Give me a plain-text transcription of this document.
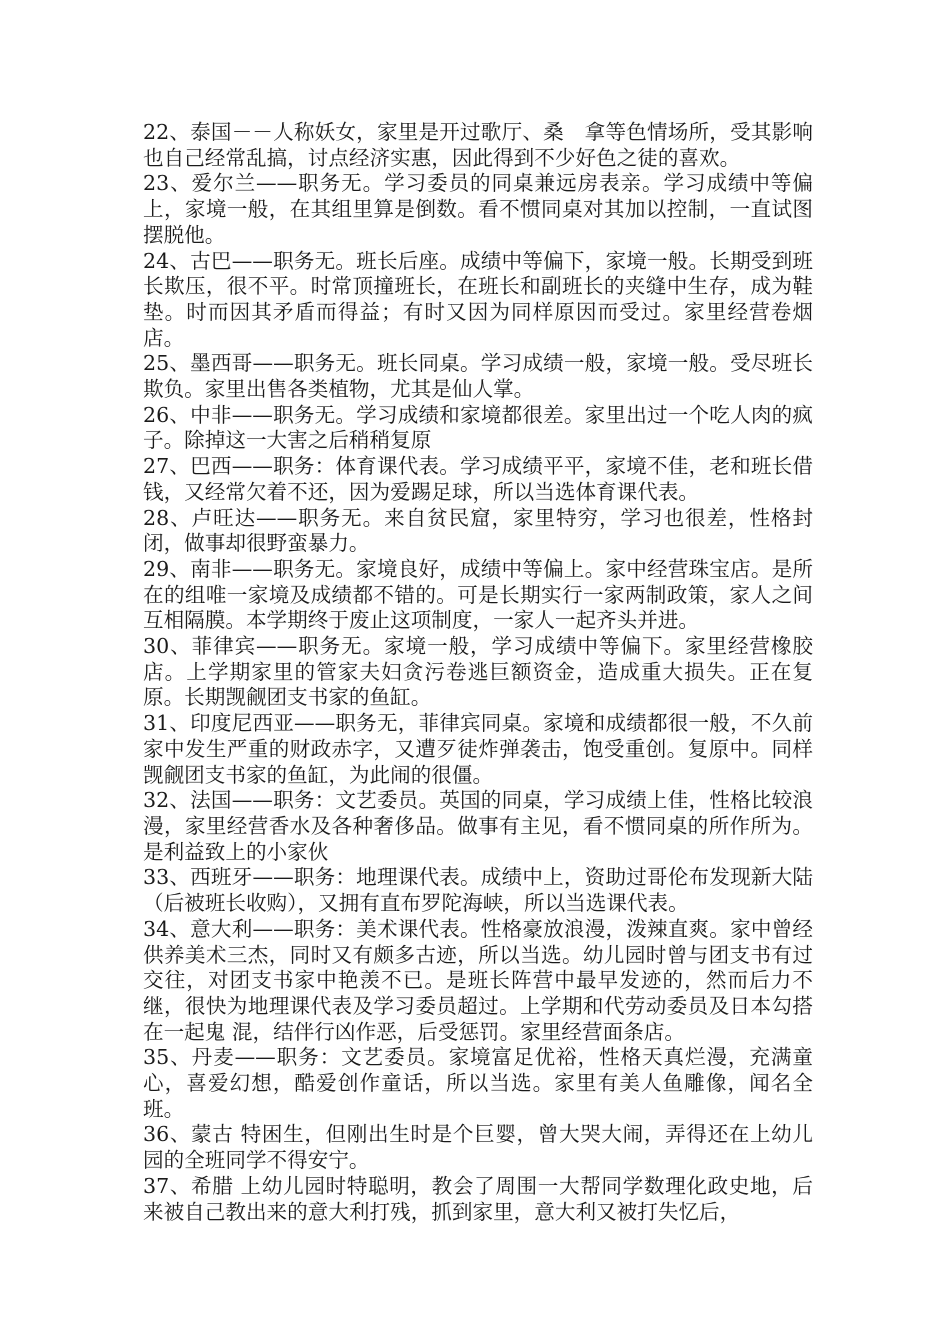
22、泰国－－人称妖女，家里是开过歌厅、桑　拿等色情场所，受其影响也自己经常乱搞，讨点经济实惠，因此得到不少好色之徒的喜欢。

23、爱尔兰——职务无。学习委员的同桌兼远房表亲。学习成绩中等偏上，家境一般，在其组里算是倒数。看不惯同桌对其加以控制，一直试图摆脱他。

24、古巴——职务无。班长后座。成绩中等偏下，家境一般。长期受到班长欺压，很不平。时常顶撞班长，在班长和副班长的夹缝中生存，成为鞋垫。时而因其矛盾而得益；有时又因为同样原因而受过。家里经营卷烟店。

25、墨西哥——职务无。班长同桌。学习成绩一般，家境一般。受尽班长欺负。家里出售各类植物，尤其是仙人掌。

26、中非——职务无。学习成绩和家境都很差。家里出过一个吃人肉的疯子。除掉这一大害之后稍稍复原

27、巴西——职务：体育课代表。学习成绩平平，家境不佳，老和班长借钱，又经常欠着不还，因为爱踢足球，所以当选体育课代表。

28、卢旺达——职务无。来自贫民窟，家里特穷，学习也很差，性格封闭，做事却很野蛮暴力。

29、南非——职务无。家境良好，成绩中等偏上。家中经营珠宝店。是所在的组唯一家境及成绩都不错的。可是长期实行一家两制政策，家人之间互相隔膜。本学期终于废止这项制度，一家人一起齐头并进。

30、菲律宾——职务无。家境一般，学习成绩中等偏下。家里经营橡胶店。上学期家里的管家夫妇贪污卷逃巨额资金，造成重大损失。正在复原。长期觊觎团支书家的鱼缸。

31、印度尼西亚——职务无，菲律宾同桌。家境和成绩都很一般，不久前家中发生严重的财政赤字，又遭歹徒炸弹袭击，饱受重创。复原中。同样觊觎团支书家的鱼缸，为此闹的很僵。

32、法国——职务：文艺委员。英国的同桌，学习成绩上佳，性格比较浪漫，家里经营香水及各种奢侈品。做事有主见，看不惯同桌的所作所为。是利益致上的小家伙

33、西班牙——职务：地理课代表。成绩中上，资助过哥伦布发现新大陆（后被班长收购），又拥有直布罗陀海峡，所以当选课代表。

34、意大利——职务：美术课代表。性格豪放浪漫，泼辣直爽。家中曾经供养美术三杰，同时又有颇多古迹，所以当选。幼儿园时曾与团支书有过交往，对团支书家中艳羡不已。是班长阵营中最早发迹的，然而后力不继，很快为地理课代表及学习委员超过。上学期和代劳动委员及日本勾搭在一起鬼 混，结伴行凶作恶，后受惩罚。家里经营面条店。

35、丹麦——职务：文艺委员。家境富足优裕，性格天真烂漫，充满童心，喜爱幻想，酷爱创作童话，所以当选。家里有美人鱼雕像，闻名全班。

36、蒙古 特困生，但刚出生时是个巨婴，曾大哭大闹，弄得还在上幼儿园的全班同学不得安宁。

37、希腊 上幼儿园时特聪明，教会了周围一大帮同学数理化政史地，后来被自己教出来的意大利打残，抓到家里，意大利又被打失忆后，
